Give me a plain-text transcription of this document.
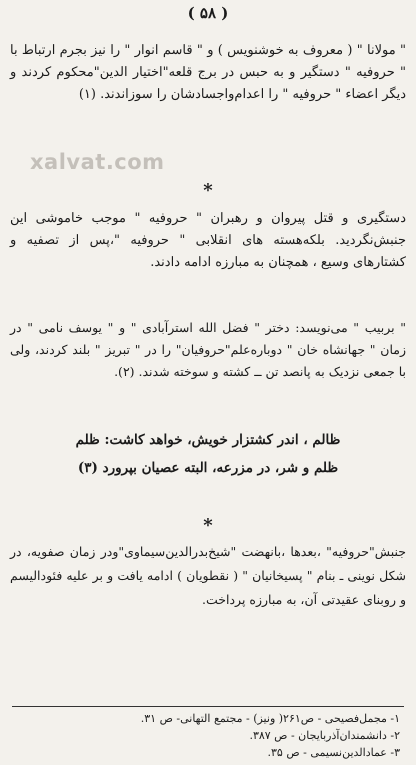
( ۵۸ )
xalvat.com
" مولانا " ( معروف به خوشنویس ) و " قاسم انوار " را نیز بجرم ارتباط با " حروفیه " دستگیر و به حبس در برج قلعه"اختیار الدین"محکوم کردند و دیگر اعضاء " حروفیه " را اعدام‌واجسادشان را سوزاندند. (۱)
*
دستگیری و قتل پیروان و رهبران " حروفیه " موجب خاموشی این جنبش‌نگردید. بلکه‌هسته های انقلابی " حروفیه "،پس از تصفیه و کشتارهای وسیع ، همچنان به مبارزه ادامه دادند.
" بربیب " می‌نویسد: دختر " فضل الله استرآبادی " و " یوسف نامی " در زمان " جهانشاه خان " دوباره‌علم"حروفیان" را در " تبریز " بلند کردند، ولی با جمعی نزدیک به پانصد تن ــ کشته و سوخته شدند. (۲).
ظالم ، اندر کشتزار خویش، خواهد کاشت: ظلم
ظلم و شر، در مزرعه، البته عصیان بپرورد (۳)
*
جنبش"حروفیه" ،بعدها ،بانهضت "شیخ‌بدرالدین‌سیماوی"ودر زمان صفویه، در شکل نوینی ـ بنام " پسیخانیان " ( نقطویان ) ادامه یافت و بر علیه فئودالیسم و روبنای عقیدتی آن، به مبارزه پرداخت.
۱- مجمل‌فصیحی - ص۲۶۱( ونیز) - مجتمع التهانی- ص ۳۱.
۲- دانشمندان‌آذربایجان - ص ۳۸۷.
۳- عمادالدین‌نسیمی - ص ۳۵.
